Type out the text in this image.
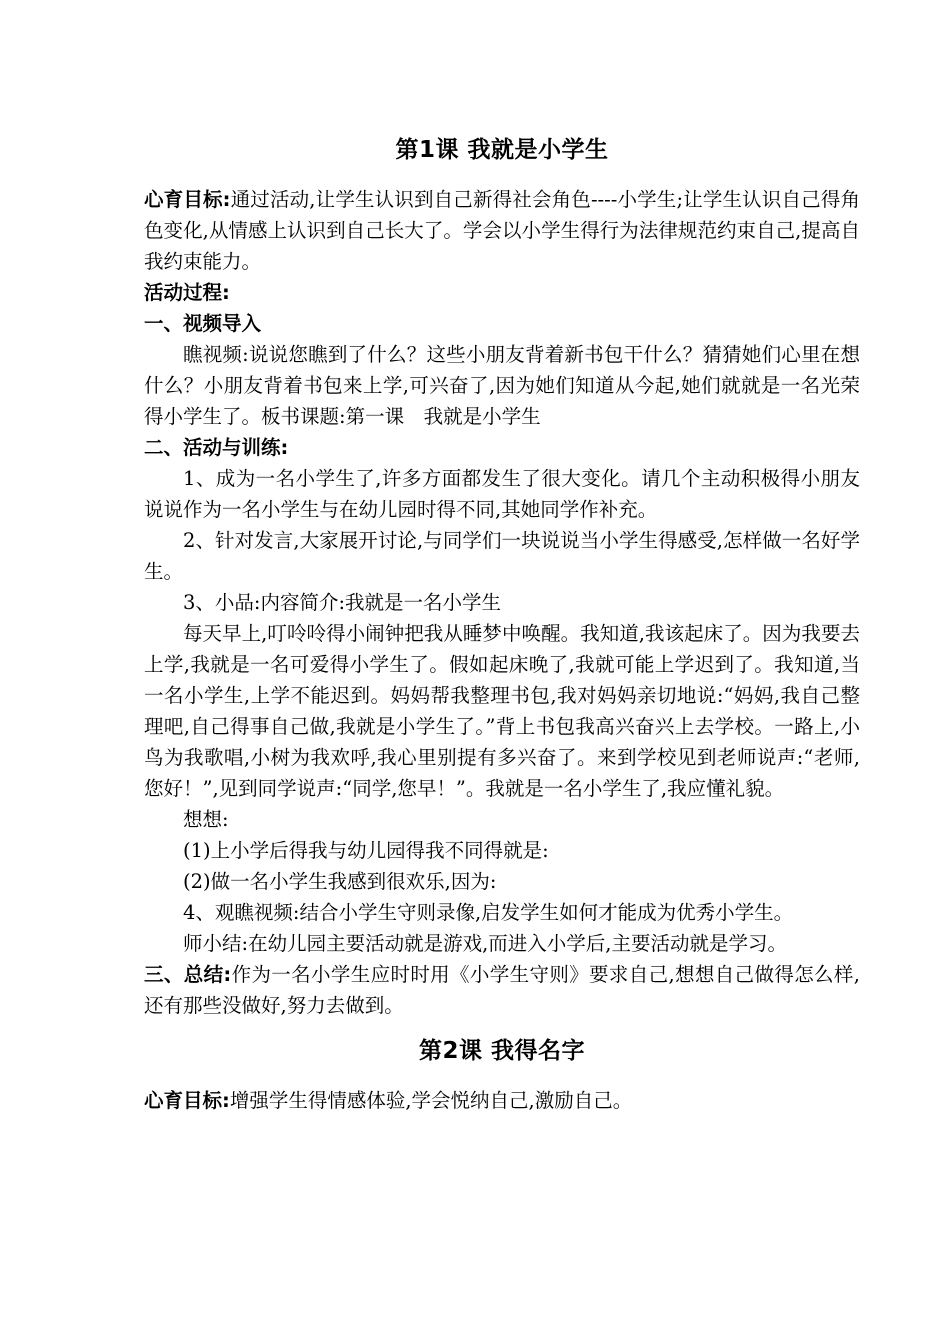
第1课 我就是小学生

心育目标:通过活动,让学生认识到自己新得社会角色----小学生;让学生认识自己得角色变化,从情感上认识到自己长大了。学会以小学生得行为法律规范约束自己,提高自我约束能力。

活动过程:

一、视频导入

瞧视频:说说您瞧到了什么？这些小朋友背着新书包干什么？猜猜她们心里在想什么？小朋友背着书包来上学,可兴奋了,因为她们知道从今起,她们就就是一名光荣得小学生了。板书课题:第一课　我就是小学生

二、活动与训练:

1、成为一名小学生了,许多方面都发生了很大变化。请几个主动积极得小朋友说说作为一名小学生与在幼儿园时得不同,其她同学作补充。

2、针对发言,大家展开讨论,与同学们一块说说当小学生得感受,怎样做一名好学生。

3、小品:内容简介:我就是一名小学生

每天早上,叮呤呤得小闹钟把我从睡梦中唤醒。我知道,我该起床了。因为我要去上学,我就是一名可爱得小学生了。假如起床晚了,我就可能上学迟到了。我知道,当一名小学生,上学不能迟到。妈妈帮我整理书包,我对妈妈亲切地说:“妈妈,我自己整理吧,自己得事自己做,我就是小学生了。”背上书包我高兴奋兴上去学校。一路上,小鸟为我歌唱,小树为我欢呼,我心里别提有多兴奋了。来到学校见到老师说声:“老师,您好！”,见到同学说声:“同学,您早！”。我就是一名小学生了,我应懂礼貌。

想想:

(1)上小学后得我与幼儿园得我不同得就是:

(2)做一名小学生我感到很欢乐,因为:

4、观瞧视频:结合小学生守则录像,启发学生如何才能成为优秀小学生。

师小结:在幼儿园主要活动就是游戏,而进入小学后,主要活动就是学习。

三、总结:作为一名小学生应时时用《小学生守则》要求自己,想想自己做得怎么样,还有那些没做好,努力去做到。

第2课 我得名字

心育目标:增强学生得情感体验,学会悦纳自己,激励自己。
